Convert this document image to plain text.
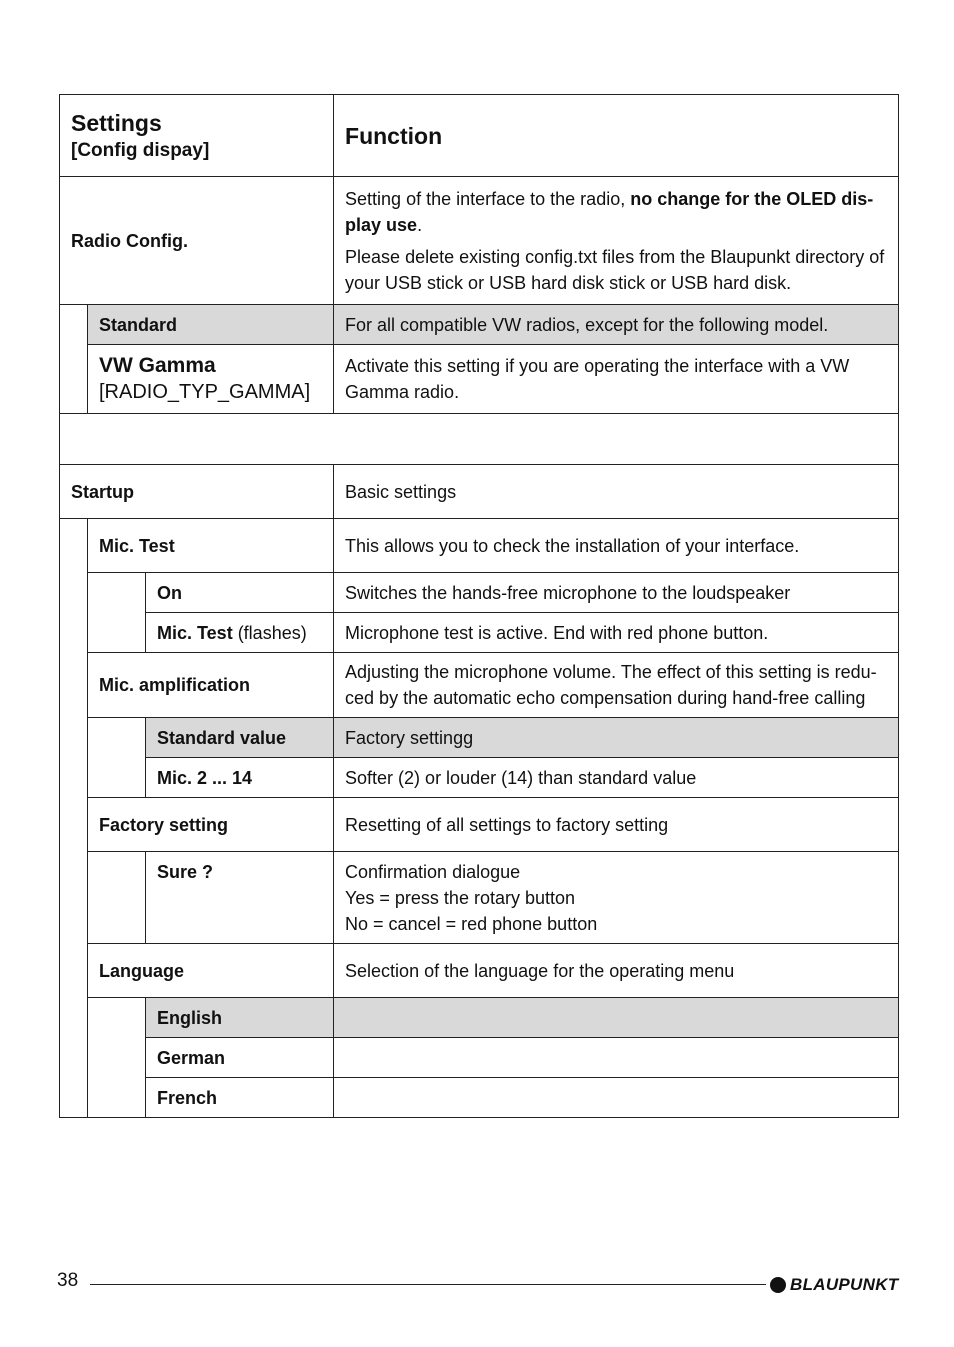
Settings
[Config dispay]			Function

Radio Config.			Setting of the interface to the radio, no change for the OLED dis-play use.

Please delete existing config.txt files from the Blaupunkt directory of your USB stick or USB hard disk stick or USB hard disk.

	Standard		For all compatible VW radios, except for the following model.

	VW Gamma
[RADIO_TYP_GAMMA]		Activate this setting if you are operating the interface with a VW Gamma radio.

Startup			Basic settings
	Mic. Test		This allows you to check the installation of your interface.
		On	Switches the hands-free microphone to the loudspeaker
		Mic. Test (flashes)	Microphone test is active. End with red phone button.
	Mic. amplification		Adjusting the microphone volume. The effect of this setting is redu-ced by the automatic echo compensation during hand-free calling
		Standard value	Factory settingg
		Mic. 2 ... 14	Softer (2) or louder (14) than standard value
	Factory setting		Resetting of all settings to factory setting
		Sure ?	Confirmation dialogue
Yes = press the rotary button
No = cancel = red phone button

	Language		Selection of the language for the operating menu
		English	
		German	
		French	
38	BLAUPUNKT
